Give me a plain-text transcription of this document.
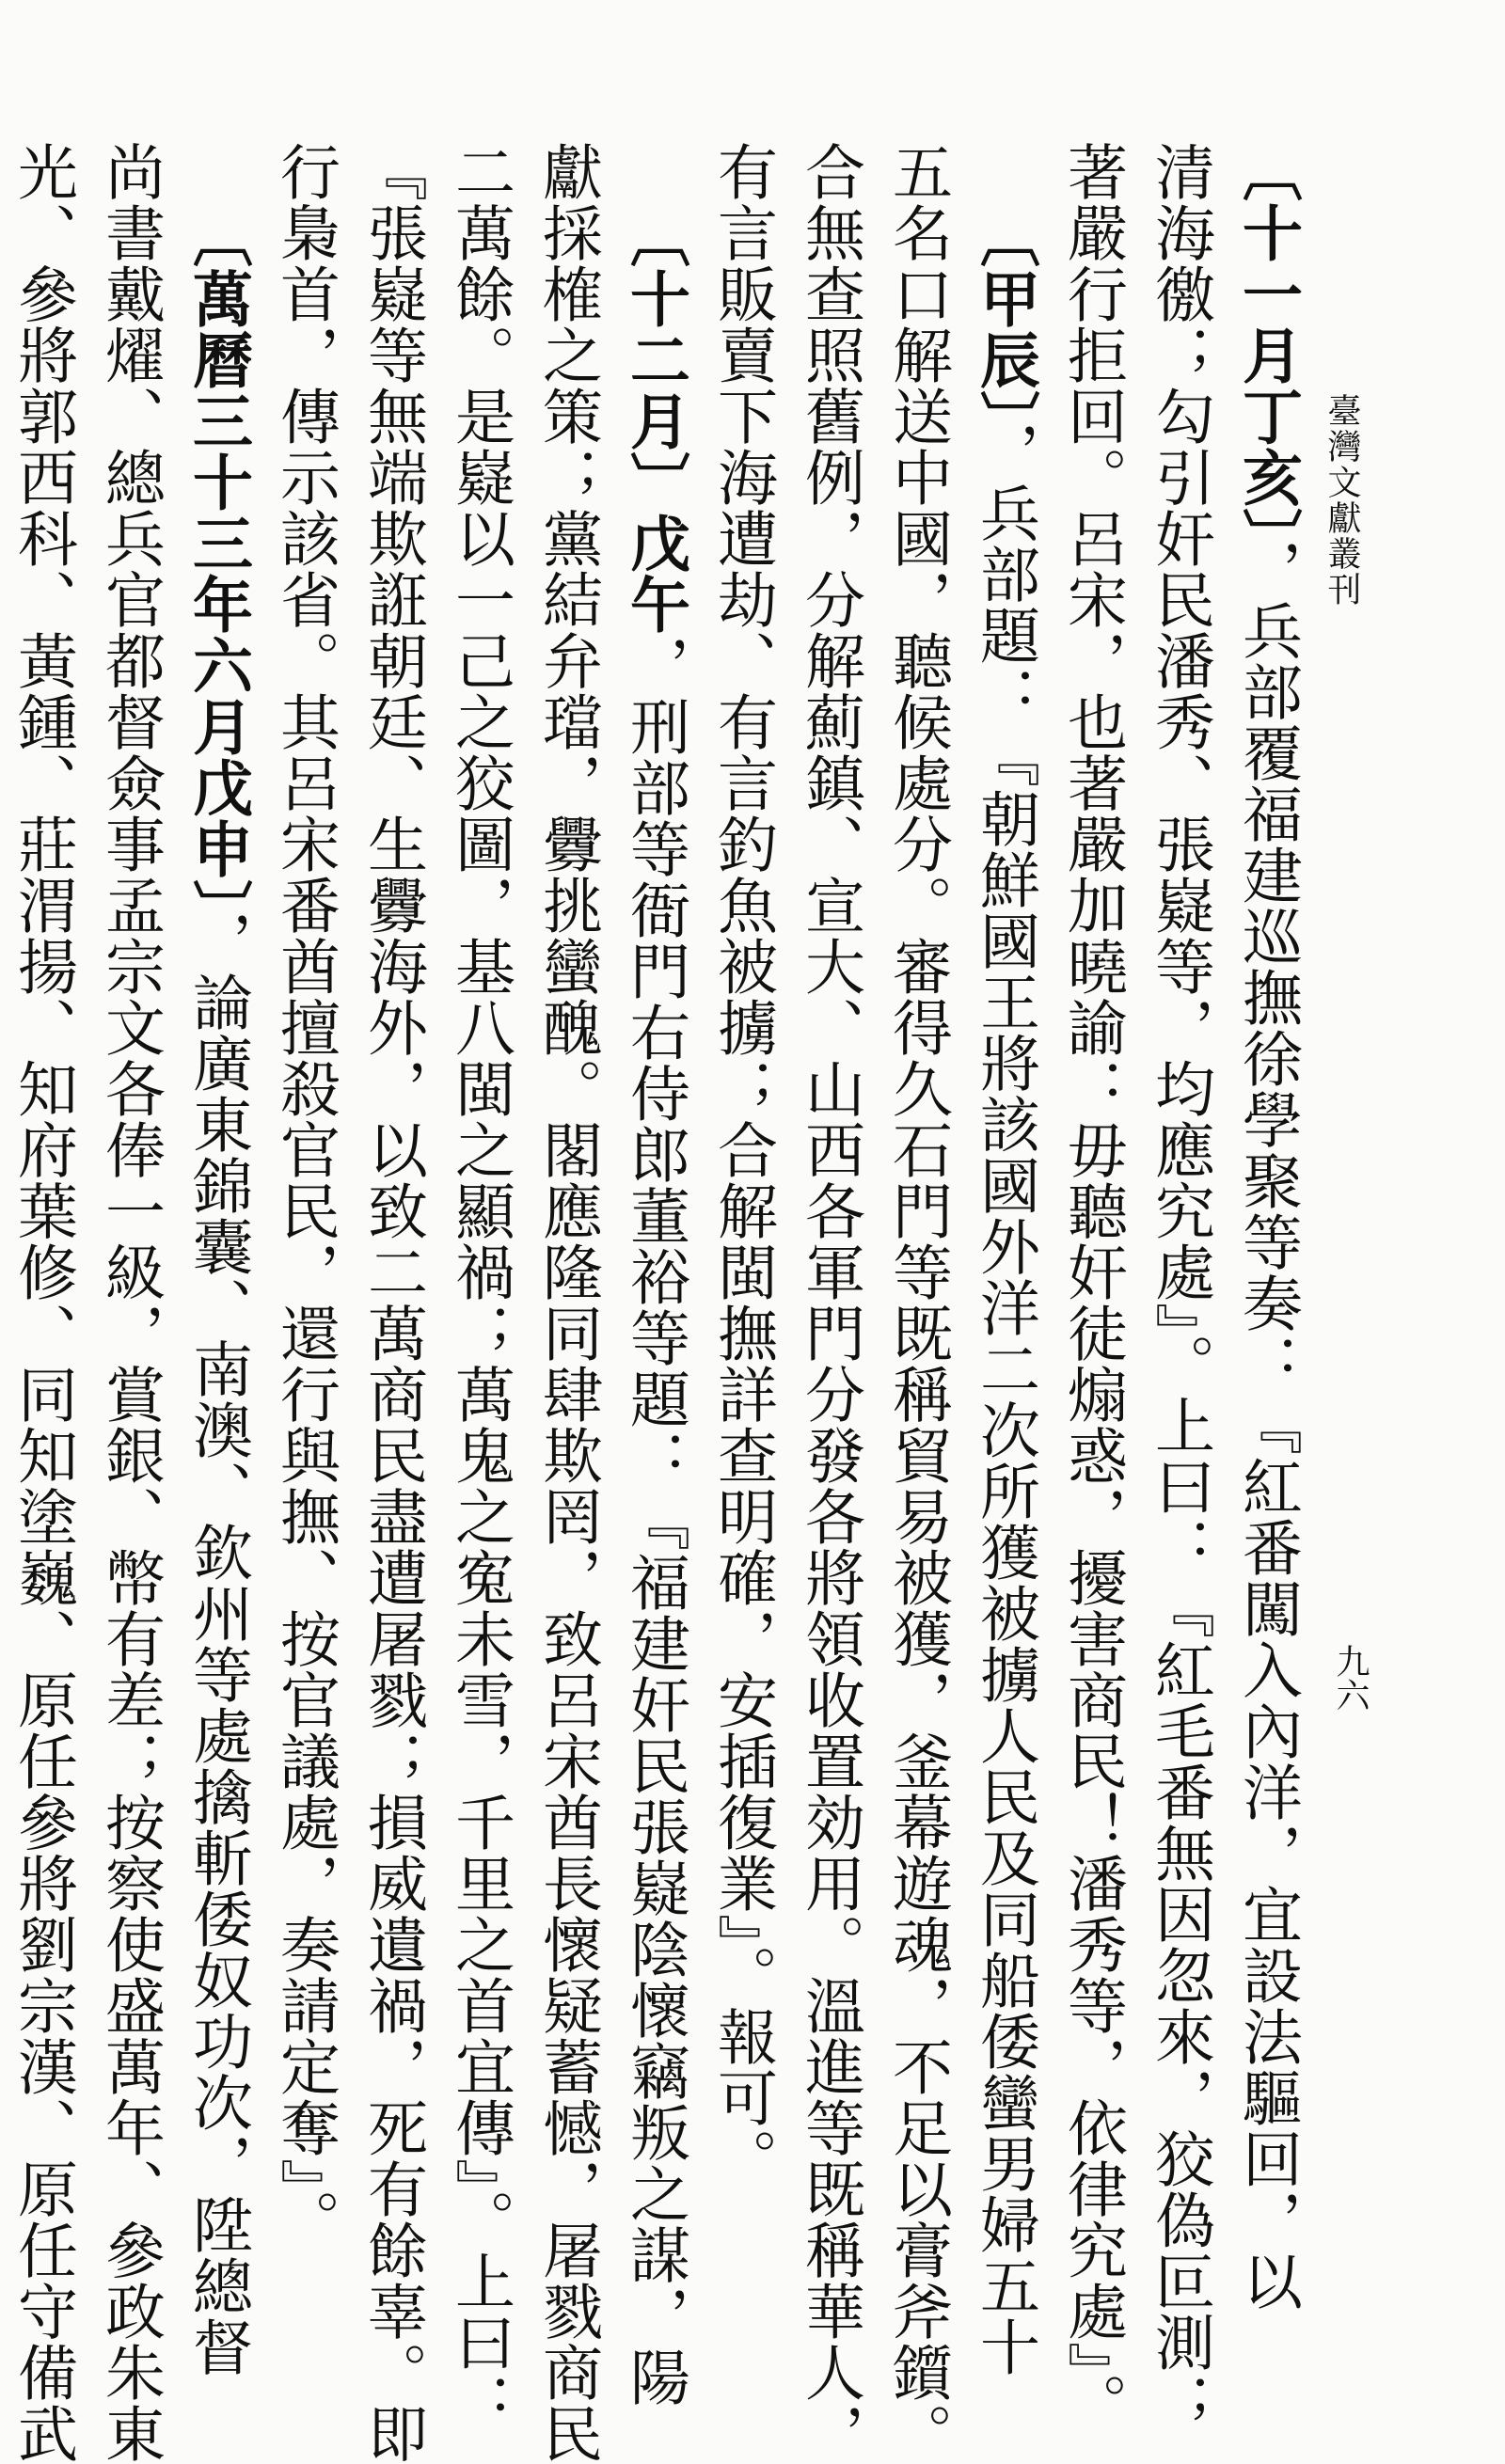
臺灣文獻叢刊
九六
〔十一月丁亥〕，兵部覆福建巡撫徐學聚等奏：『紅番闖入內洋，宜設法驅回，以
清海徼；勾引奸民潘秀、張嶷等，均應究處』。上曰：『紅毛番無因忽來，狡偽叵測；
著嚴行拒回。呂宋，也著嚴加曉諭：毋聽奸徒煽惑，擾害商民！潘秀等，依律究處』。
〔甲辰〕，兵部題：『朝鮮國王將該國外洋二次所獲被擄人民及同船倭蠻男婦五十
五名口解送中國，聽候處分。審得久石門等既稱貿易被獲，釜幕遊魂，不足以膏斧鑕。
合無查照舊例，分解薊鎮、宣大、山西各軍門分發各將領收置効用。溫進等既稱華人，
有言販賣下海遭劫、有言釣魚被擄；合解閩撫詳查明確，安插復業』。報可。
〔十二月〕戊午，刑部等衙門右侍郎董裕等題：『福建奸民張嶷陰懷竊叛之謀，陽
獻採榷之策；黨結弁璫，釁挑蠻醜。閣應隆同肆欺罔，致呂宋酋長懷疑蓄憾，屠戮商民
二萬餘。是嶷以一己之狡圖，基八閩之顯禍；萬鬼之寃未雪，千里之首宜傳』。上曰：
『張嶷等無端欺誑朝廷、生釁海外，以致二萬商民盡遭屠戮；損威遺禍，死有餘辜。即
行梟首，傳示該省。其呂宋番酋擅殺官民，還行與撫、按官議處，奏請定奪』。
〔萬曆三十三年六月戊申〕，論廣東錦囊、南澳、欽州等處擒斬倭奴功次，陞總督
尚書戴燿、總兵官都督僉事孟宗文各俸一級，賞銀、幣有差；按察使盛萬年、參政朱東
光、參將郭西科、黃鍾、莊渭揚、知府葉修、同知塗巍、原任參將劉宗漢、原任守備武
